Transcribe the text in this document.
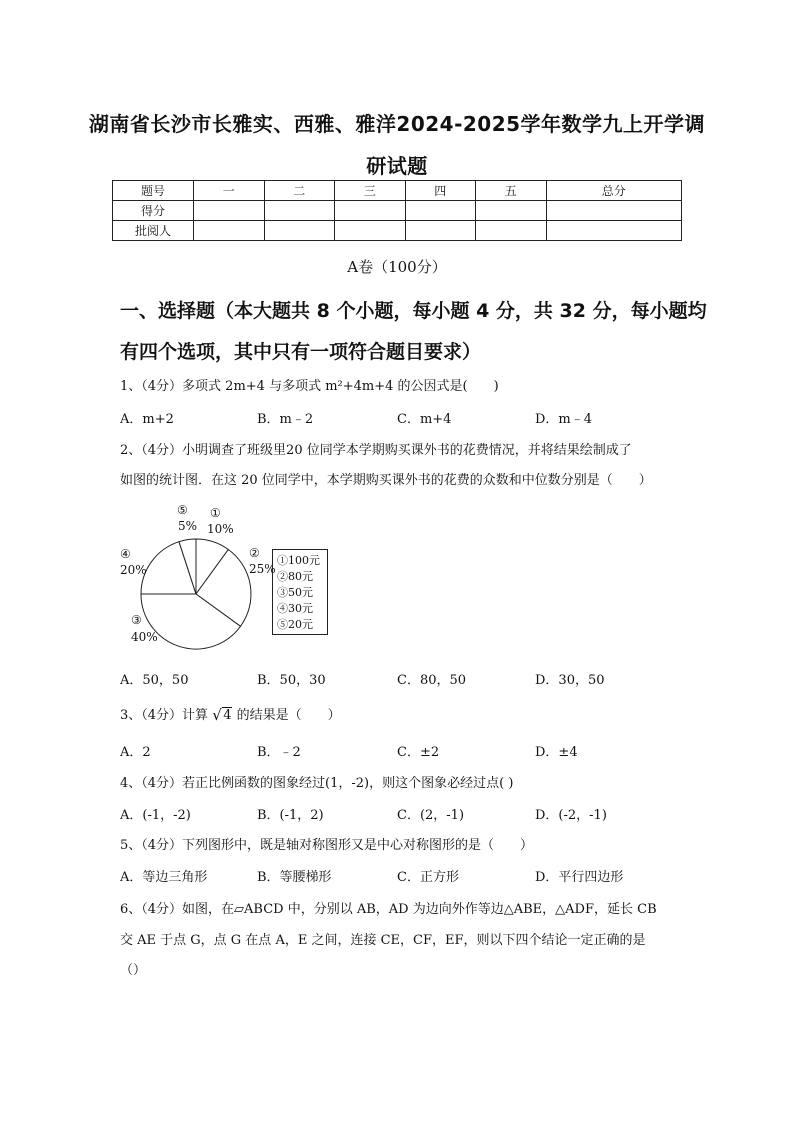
湖南省长沙市长雅实、西雅、雅洋2024-2025学年数学九上开学调
研试题
题号	一	二	三	四	五	总分
得分						
批阅人						
A卷（100分）
一、选择题（本大题共 8 个小题，每小题 4 分，共 32 分，每小题均
有四个选项，其中只有一项符合题目要求）
1、（4分）多项式 2m+4 与多项式 m²+4m+4 的公因式是(　　)
A．m+2	B．m﹣2	C．m+4	D．m﹣4
2、（4分）小明调查了班级里20 位同学本学期购买课外书的花费情况，并将结果绘制成了
如图的统计图．在这 20 位同学中，本学期购买课外书的花费的众数和中位数分别是（　　）
⑤
5%
①
10%
②
25%
④
20%
③
40%
①100元
②80元
③50元
④30元
⑤20元
A．50，50	B．50，30	C．80，50	D．30，50
3、（4分）计算 √ 4 的结果是（　　）
A．2	B．﹣2	C．±2	D．±4
4、（4分）若正比例函数的图象经过(1，-2)，则这个图象必经过点( )
A．(-1，-2)	B．(-1，2)	C．(2，-1)	D．(-2，-1)
5、（4分）下列图形中，既是轴对称图形又是中心对称图形的是（　　）
A．等边三角形	B．等腰梯形	C．正方形	D．平行四边形
6、（4分）如图，在▱ABCD 中，分别以 AB，AD 为边向外作等边△ABE，△ADF，延长 CB
交 AE 于点 G，点 G 在点 A，E 之间，连接 CE，CF，EF，则以下四个结论一定正确的是
（）
